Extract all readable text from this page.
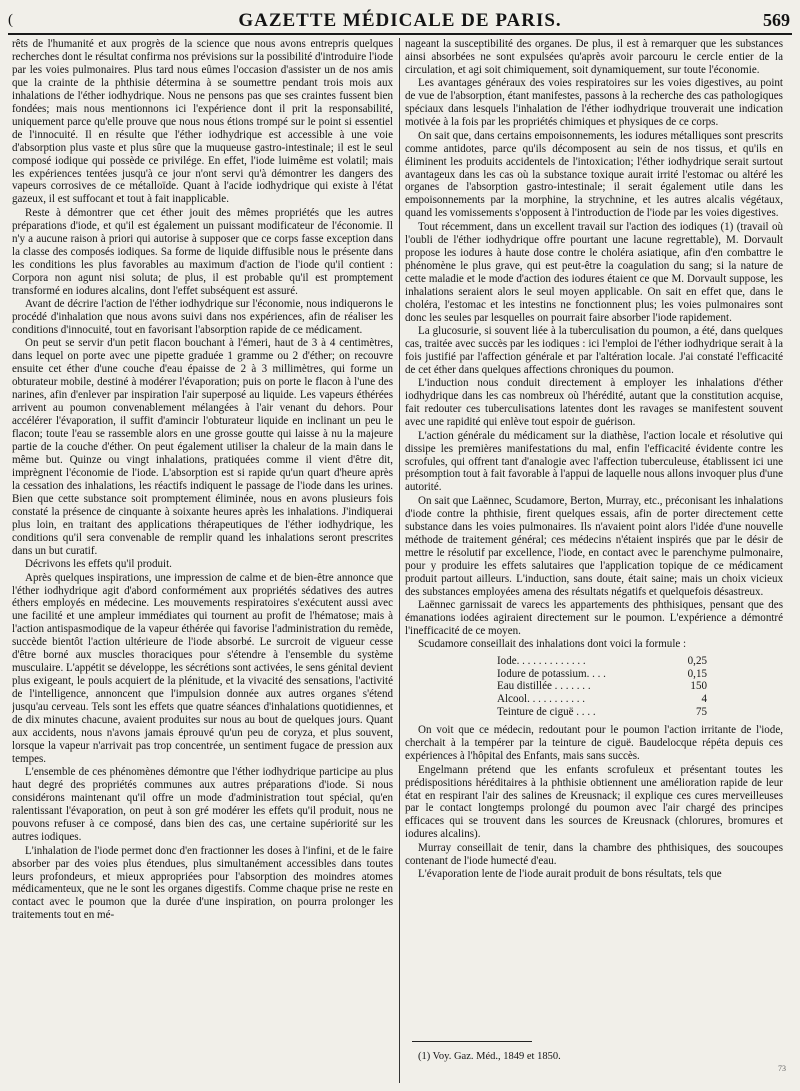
(	GAZETTE MÉDICALE DE PARIS.	569

rêts de l'humanité et aux progrès de la science que nous avons entrepris quelques recherches dont le résultat confirma nos prévisions sur la possibilité d'introduire l'iode par les voies pulmonaires. Plus tard nous eûmes l'occasion d'assister un de nos amis que la crainte de la phthisie détermina à se soumettre pendant trois mois aux inhalations de l'éther iodhydrique. Nous ne pensons pas que ses craintes fussent bien fondées; mais nous mentionnons ici l'expérience dont il prit la responsabilité, uniquement parce qu'elle prouve que nous nous étions trompé sur le point si essentiel de l'innocuité. Il en résulte que l'éther iodhydrique est accessible à une voie d'absorption plus vaste et plus sûre que la muqueuse gastro-intestinale; il est le seul composé iodique qui possède ce privilége. En effet, l'iode luimême est volatil; mais les expériences tentées jusqu'à ce jour n'ont servi qu'à démontrer les dangers des vapeurs corrosives de ce métalloïde. Quant à l'acide iodhydrique qui existe à l'état gazeux, il est suffocant et tout à fait inapplicable.

Reste à démontrer que cet éther jouit des mêmes propriétés que les autres préparations d'iode, et qu'il est également un puissant modificateur de l'économie. Il n'y a aucune raison à priori qui autorise à supposer que ce corps fasse exception dans la classe des composés iodiques. Sa forme de liquide diffusible nous le présente dans les conditions les plus favorables au maximum d'action de l'iode qu'il contient : Corpora non agunt nisi soluta; de plus, il est probable qu'il est promptement transformé en iodures alcalins, dont l'effet subséquent est assuré.

Avant de décrire l'action de l'éther iodhydrique sur l'économie, nous indiquerons le procédé d'inhalation que nous avons suivi dans nos expériences, afin de réaliser les conditions d'innocuité, tout en favorisant l'absorption rapide de ce médicament.

On peut se servir d'un petit flacon bouchant à l'émeri, haut de 3 à 4 centimètres, dans lequel on porte avec une pipette graduée 1 gramme ou 2 d'éther; on recouvre ensuite cet éther d'une couche d'eau épaisse de 2 à 3 millimètres, qui forme un obturateur mobile, destiné à modérer l'évaporation; puis on porte le flacon à l'une des narines, afin d'enlever par inspiration l'air superposé au liquide. Les vapeurs éthérées arrivent au poumon convenablement mélangées à l'air venant du dehors. Pour accélérer l'évaporation, il suffit d'amincir l'obturateur liquide en inclinant un peu le flacon; toute l'eau se rassemble alors en une grosse goutte qui laisse à nu la majeure partie de la couche d'éther. On peut également utiliser la chaleur de la main dans le même but. Quinze ou vingt inhalations, pratiquées comme il vient d'être dit, imprègnent l'économie de l'iode. L'absorption est si rapide qu'un quart d'heure après la cessation des inhalations, les réactifs indiquent le passage de l'iode dans les urines. Bien que cette substance soit promptement éliminée, nous en avons plusieurs fois constaté la présence de cinquante à soixante heures après les inhalations. J'indiquerai plus loin, en traitant des applications thérapeutiques de l'éther iodhydrique, les conditions qu'il sera convenable de remplir quand les inhalations seront prescrites dans un but curatif.

Décrivons les effets qu'il produit.

Après quelques inspirations, une impression de calme et de bien-être annonce que l'éther iodhydrique agit d'abord conformément aux propriétés sédatives des autres éthers employés en médecine. Les mouvements respiratoires s'exécutent aussi avec une facilité et une ampleur immédiates qui tournent au profit de l'hématose; mais à l'action antispasmodique de la vapeur éthérée qui favorise l'administration du remède, succède bientôt l'action ultérieure de l'iode absorbé. Le surcroit de vigueur cesse d'être borné aux muscles thoraciques pour s'étendre à l'ensemble du système musculaire. L'appétit se développe, les sécrétions sont activées, le sens génital devient plus exigeant, le pouls acquiert de la plénitude, et la vivacité des sensations, l'activité de l'intelligence, annoncent que l'impulsion donnée aux autres organes s'étend jusqu'au cerveau. Tels sont les effets que quatre séances d'inhalations quotidiennes, et de dix minutes chacune, avaient produites sur nous au bout de quelques jours. Quant aux accidents, nous n'avons jamais éprouvé qu'un peu de coryza, et plus souvent, lorsque la vapeur n'arrivait pas trop concentrée, un sentiment fugace de pression aux tempes.

L'ensemble de ces phénomènes démontre que l'éther iodhydrique participe au plus haut degré des propriétés communes aux autres préparations d'iode. Si nous considérons maintenant qu'il offre un mode d'administration tout spécial, qu'en ralentissant l'évaporation, on peut à son gré modérer les effets qu'il produit, nous ne pouvons refuser à ce composé, dans bien des cas, une certaine supériorité sur les autres iodiques.

L'inhalation de l'iode permet donc d'en fractionner les doses à l'infini, et de le faire absorber par des voies plus étendues, plus simultanément accessibles dans toutes leurs profondeurs, et mieux appropriées pour l'absorption des moindres atomes médicamenteux, que ne le sont les organes digestifs. Comme chaque prise ne reste en contact avec le poumon que la durée d'une inspiration, on pourra prolonger les traitements tout en mé-

nageant la susceptibilité des organes. De plus, il est à remarquer que les substances ainsi absorbées ne sont expulsées qu'après avoir parcouru le cercle entier de la circulation, et agi soit chimiquement, soit dynamiquement, sur toute l'économie.

Les avantages généraux des voies respiratoires sur les voies digestives, au point de vue de l'absorption, étant manifestes, passons à la recherche des cas pathologiques spéciaux dans lesquels l'inhalation de l'éther iodhydrique trouverait une indication motivée à la fois par les propriétés chimiques et physiques de ce corps.

On sait que, dans certains empoisonnements, les iodures métalliques sont prescrits comme antidotes, parce qu'ils décomposent au sein de nos tissus, et qu'ils en éliminent les produits accidentels de l'intoxication; l'éther iodhydrique serait surtout avantageux dans les cas où la substance toxique aurait irrité l'estomac ou altéré les organes de l'absorption gastro-intestinale; il serait également utile dans les empoisonnements par la morphine, la strychnine, et les autres alcalis végétaux, quand les vomissements s'opposent à l'introduction de l'iode par les voies digestives.

Tout récemment, dans un excellent travail sur l'action des iodiques (1) (travail où l'oubli de l'éther iodhydrique offre pourtant une lacune regrettable), M. Dorvault propose les iodures à haute dose contre le choléra asiatique, afin d'en combattre le phénomène le plus grave, qui est peut-être la coagulation du sang; si la nature de cette maladie et le mode d'action des iodures étaient ce que M. Dorvault suppose, les inhalations seraient alors le seul moyen applicable. On sait en effet que, dans le choléra, l'estomac et les intestins ne fonctionnent plus; les voies pulmonaires sont donc les seules par lesquelles on pourrait faire absorber l'iode rapidement.

La glucosurie, si souvent liée à la tuberculisation du poumon, a été, dans quelques cas, traitée avec succès par les iodiques : ici l'emploi de l'éther iodhydrique serait à la fois justifié par l'affection générale et par l'altération locale. J'ai constaté l'efficacité de cet éther dans quelques affections chroniques du poumon.

L'induction nous conduit directement à employer les inhalations d'éther iodhydrique dans les cas nombreux où l'hérédité, autant que la constitution acquise, fait redouter ces tuberculisations latentes dont les ravages se manifestent souvent avec une rapidité qui enlève tout espoir de guérison.

L'action générale du médicament sur la diathèse, l'action locale et résolutive qui dissipe les premières manifestations du mal, enfin l'efficacité évidente contre les scrofules, qui offrent tant d'analogie avec l'affection tuberculeuse, établissent ici une présomption tout à fait favorable à l'appui de laquelle nous allons invoquer plus d'une autorité.

On sait que Laënnec, Scudamore, Berton, Murray, etc., préconisant les inhalations d'iode contre la phthisie, firent quelques essais, afin de porter directement cette substance dans les voies pulmonaires. Ils n'avaient point alors l'idée d'une nouvelle méthode de traitement général; ces médecins n'étaient inspirés que par le désir de mettre le résolutif par excellence, l'iode, en contact avec le parenchyme pulmonaire, pour y produire les effets salutaires que l'application topique de ce médicament produit partout ailleurs. L'induction, sans doute, était saine; mais un choix vicieux des substances employées amena des résultats négatifs et quelquefois désastreux.

Laënnec garnissait de varecs les appartements des phthisiques, pensant que des émanations iodées agiraient directement sur le poumon. L'expérience a démontré l'inefficacité de ce moyen.

Scudamore conseillait des inhalations dont voici la formule :

Iode. . . . . . . . . . . . .	0,25
Iodure de potassium. . . .	0,15
Eau distillée . . . . . . .	150
Alcool. . . . . . . . . . .	4
Teinture de ciguë . . . .	75

On voit que ce médecin, redoutant pour le poumon l'action irritante de l'iode, cherchait à la tempérer par la teinture de ciguë. Baudelocque répéta depuis ces expériences à l'hôpital des Enfants, mais sans succès.

Engelmann prétend que les enfants scrofuleux et présentant toutes les prédispositions héréditaires à la phthisie obtiennent une amélioration rapide de leur état en respirant l'air des salines de Kreusnack; il explique ces cures merveilleuses par le contact longtemps prolongé du poumon avec l'air chargé des principes efficaces qui se trouvent dans les sources de Kreusnack (chlorures, bromures et iodures alcalins).

Murray conseillait de tenir, dans la chambre des phthisiques, des soucoupes contenant de l'iode humecté d'eau.

L'évaporation lente de l'iode aurait produit de bons résultats, tels que

(1) Voy. Gaz. Méd., 1849 et 1850.
73
